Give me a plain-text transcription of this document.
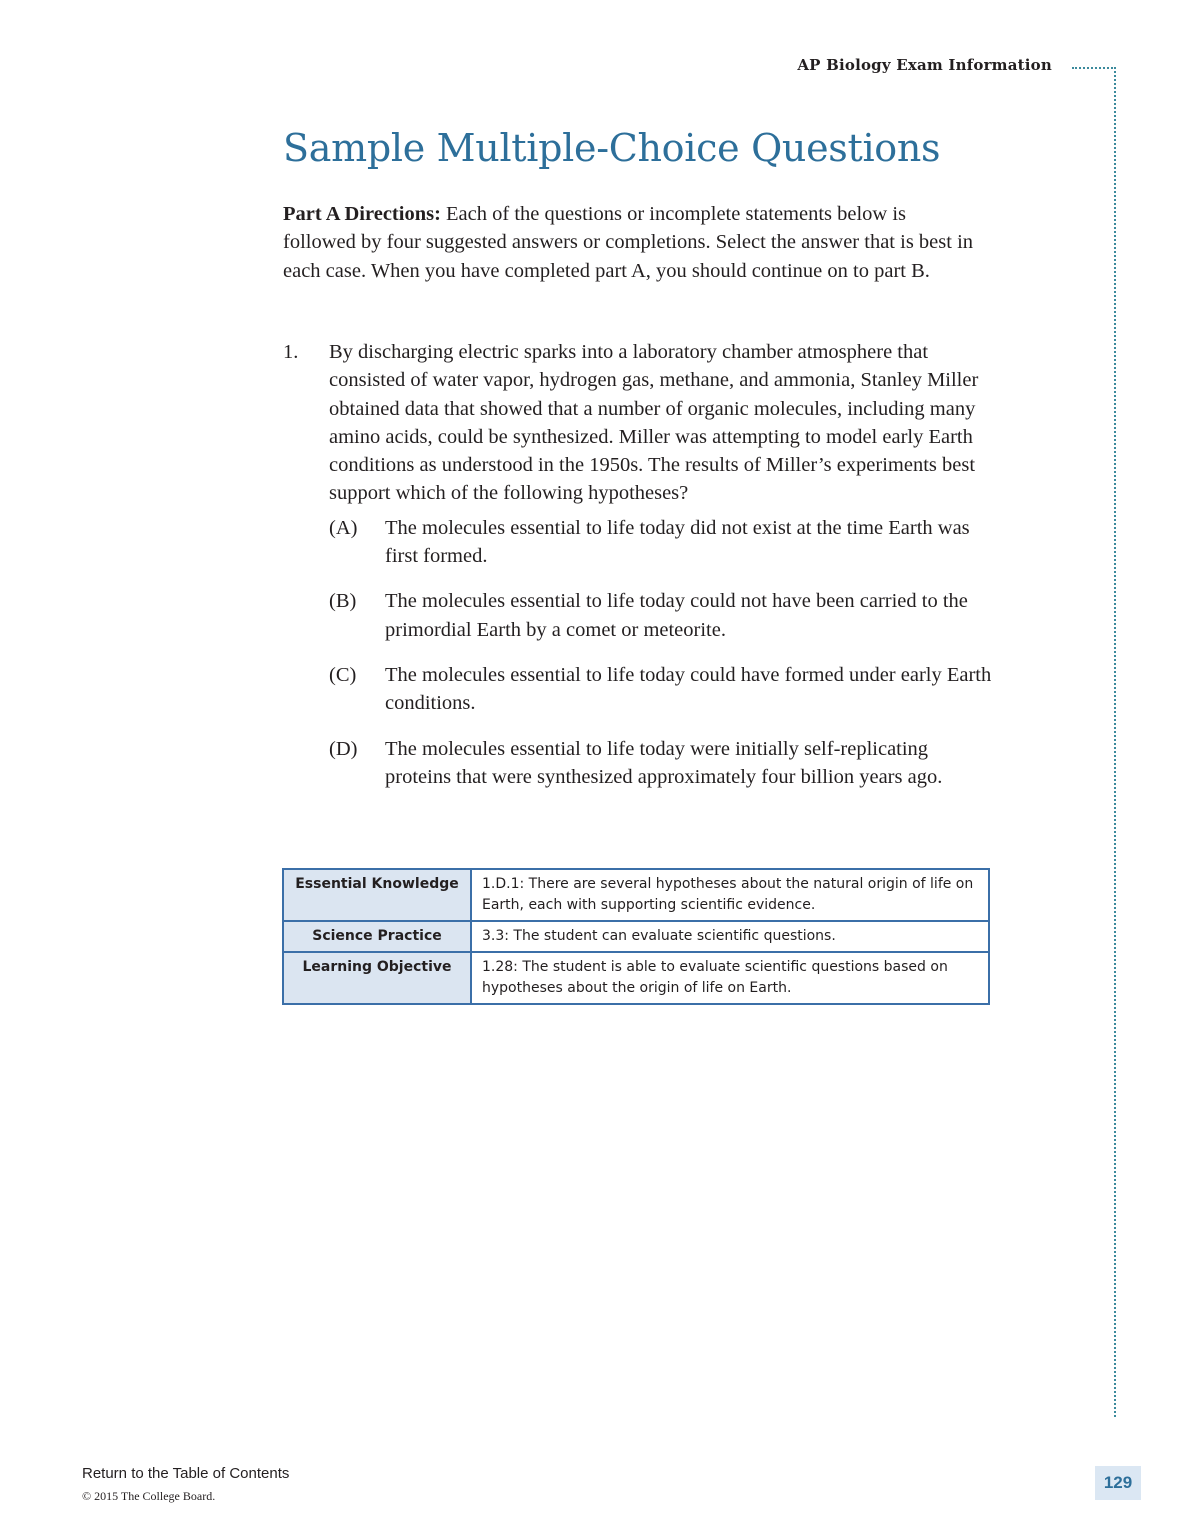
AP Biology Exam Information
Sample Multiple-Choice Questions

Part A Directions: Each of the questions or incomplete statements below is followed by four suggested answers or completions. Select the answer that is best in each case. When you have completed part A, you should continue on to part B.

1. By discharging electric sparks into a laboratory chamber atmosphere that consisted of water vapor, hydrogen gas, methane, and ammonia, Stanley Miller obtained data that showed that a number of organic molecules, including many amino acids, could be synthesized. Miller was attempting to model early Earth conditions as understood in the 1950s. The results of Miller’s experiments best support which of the following hypotheses?
(A) The molecules essential to life today did not exist at the time Earth was first formed.
(B) The molecules essential to life today could not have been carried to the primordial Earth by a comet or meteorite.
(C) The molecules essential to life today could have formed under early Earth conditions.
(D) The molecules essential to life today were initially self-replicating proteins that were synthesized approximately four billion years ago.
Essential Knowledge	1.D.1: There are several hypotheses about the natural origin of life on Earth, each with supporting scientific evidence.
Science Practice	3.3: The student can evaluate scientific questions.
Learning Objective	1.28: The student is able to evaluate scientific questions based on hypotheses about the origin of life on Earth.
Return to the Table of Contents
© 2015 The College Board.
129
